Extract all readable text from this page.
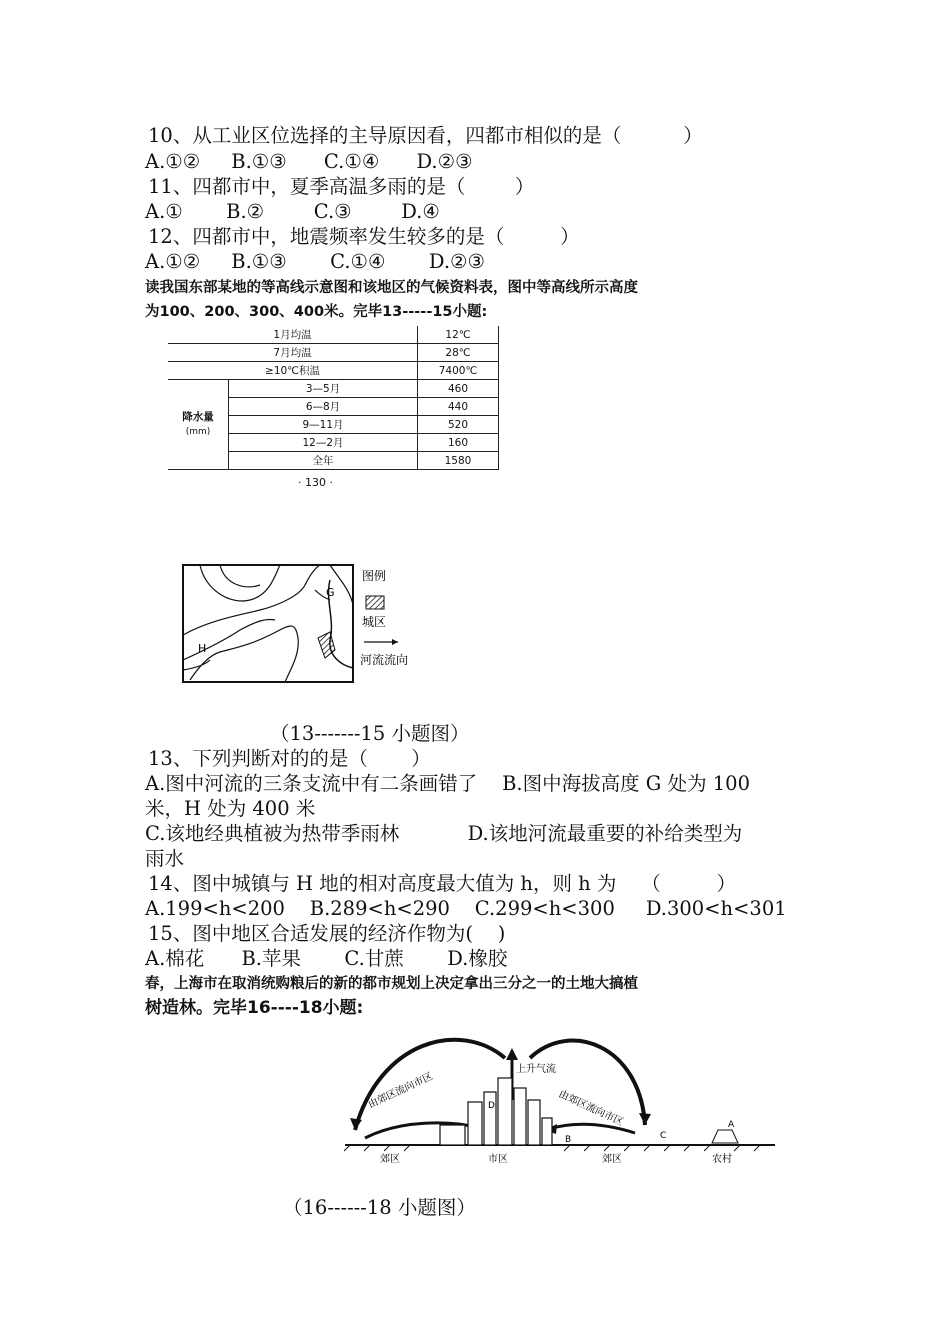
10、从工业区位选择的主导原因看，四都市相似的是（          ）
A.①②     B.①③      C.①④      D.②③
11、四都市中，夏季高温多雨的是（        ）
A.①       B.②        C.③        D.④
12、四都市中，地震频率发生较多的是（         ）
A.①②     B.①③       C.①④       D.②③
读我国东部某地的等高线示意图和该地区的气候资料表，图中等高线所示高度
为100、200、300、400米。完毕13-----15小题:
1月均温		12℃
7月均温		28℃
≥10℃积温		7400℃

降水量
(mm)	3—5月	460
	6—8月	440
	9—11月	520
	12—2月	160
	全年	1580
· 130 ·
G
H
图例
城区
河流流向
（13-------15 小题图）
13、下列判断对的的是（       ）
A.图中河流的三条支流中有二条画错了    B.图中海拔高度 G 处为 100
米，H 处为 400 米
C.该地经典植被为热带季雨林           D.该地河流最重要的补给类型为
雨水
14、图中城镇与 H 地的相对高度最大值为 h，则 h 为    （         ）
A.199<h<200    B.289<h<290    C.299<h<300     D.300<h<301
15、图中地区合适发展的经济作物为(    )
A.棉花      B.苹果       C.甘蔗       D.橡胶
春，上海市在取消统购粮后的新的都市规划上决定拿出三分之一的土地大搞植
树造林。完毕16----18小题:
由郊区流向市区	由郊区流向市区
上升气流
郊区	市区	郊区	农村
A
B	C
D
（16------18 小题图）
